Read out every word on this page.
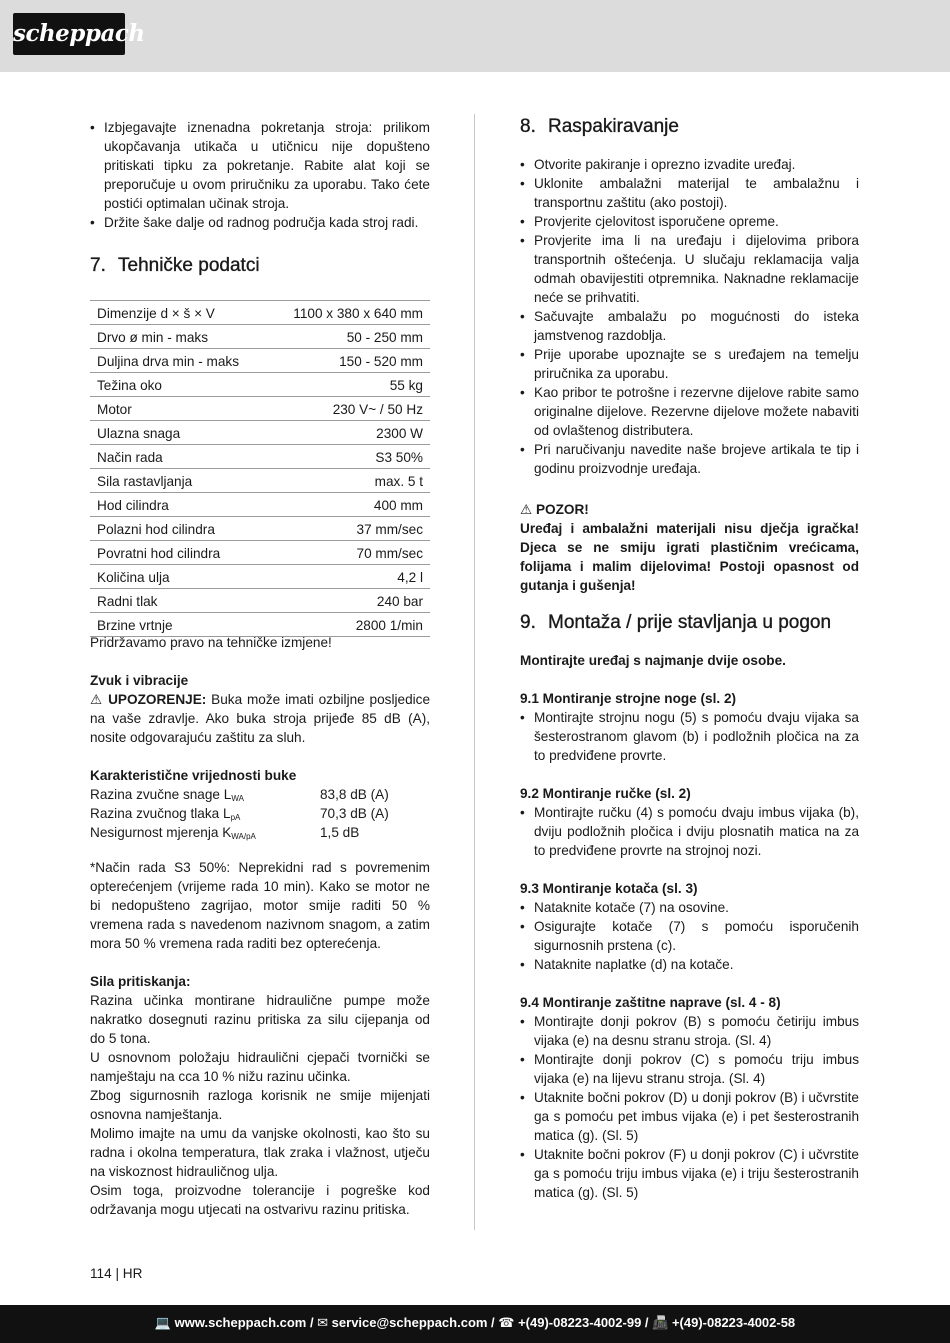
scheppach
• Izbjegavajte iznenadna pokretanja stroja: prilikom ukopčavanja utikača u utičnicu nije dopušteno pritiskati tipku za pokretanje. Rabite alat koji se preporučuje u ovom priručniku za uporabu. Tako ćete postići optimalan učinak stroja.
• Držite šake dalje od radnog područja kada stroj radi.
7. Tehničke podatci
Dimenzije d × š × V	1100 x 380 x 640 mm
Drvo ø min - maks	50 - 250 mm
Duljina drva min - maks	150 - 520 mm
Težina oko	55 kg
Motor	230 V~ / 50 Hz
Ulazna snaga	2300 W
Način rada	S3 50%
Sila rastavljanja	max. 5 t
Hod cilindra	400 mm
Polazni hod cilindra	37 mm/sec
Povratni hod cilindra	70 mm/sec
Količina ulja	4,2 l
Radni tlak	240 bar
Brzine vrtnje	2800 1/min
Pridržavamo pravo na tehničke izmjene!
Zvuk i vibracije

⚠ UPOZORENJE: Buka može imati ozbiljne posljedice na vaše zdravlje. Ako buka stroja prijeđe 85 dB (A), nosite odgovarajuću zaštitu za sluh.

Karakteristične vrijednosti buke
Razina zvučne snage $L_{WA}$	83,8 dB (A)
Razina zvučnog tlaka $L_{pA}$	70,3 dB (A)
Nesigurnost mjerenja $K_{WA/pA}$	1,5 dB

*Način rada S3 50%: Neprekidni rad s povremenim opterećenjem (vrijeme rada 10 min). Kako se motor ne bi nedopušteno zagrijao, motor smije raditi 50 % vremena rada s navedenom nazivnom snagom, a zatim mora 50 % vremena rada raditi bez opterećenja.

Sila pritiskanja:

Razina učinka montirane hidraulične pumpe može nakratko dosegnuti razinu pritiska za silu cijepanja od do 5 tona.

U osnovnom položaju hidraulični cjepači tvornički se namještaju na cca 10 % nižu razinu učinka.

Zbog sigurnosnih razloga korisnik ne smije mijenjati osnovna namještanja.

Molimo imajte na umu da vanjske okolnosti, kao što su radna i okolna temperatura, tlak zraka i vlažnost, utječu na viskoznost hidrauličnog ulja.

Osim toga, proizvodne tolerancije i pogreške kod održavanja mogu utjecati na ostvarivu razinu pritiska.

8. Raspakiravanje
• Otvorite pakiranje i oprezno izvadite uređaj.
• Uklonite ambalažni materijal te ambalažnu i transportnu zaštitu (ako postoji).
• Provjerite cjelovitost isporučene opreme.
• Provjerite ima li na uređaju i dijelovima pribora transportnih oštećenja. U slučaju reklamacija valja odmah obavijestiti otpremnika. Naknadne reklamacije neće se prihvatiti.
• Sačuvajte ambalažu po mogućnosti do isteka jamstvenog razdoblja.
• Prije uporabe upoznajte se s uređajem na temelju priručnika za uporabu.
• Kao pribor te potrošne i rezervne dijelove rabite samo originalne dijelove. Rezervne dijelove možete nabaviti od ovlaštenog distributera.
• Pri naručivanju navedite naše brojeve artikala te tip i godinu proizvodnje uređaja.
⚠ POZOR!

Uređaj i ambalažni materijali nisu dječja igračka! Djeca se ne smiju igrati plastičnim vrećicama, folijama i malim dijelovima! Postoji opasnost od gutanja i gušenja!

9. Montaža / prije stavljanja u pogon
Montirajte uređaj s najmanje dvije osobe.
9.1 Montiranje strojne noge (sl. 2)
• Montirajte strojnu nogu (5) s pomoću dvaju vijaka sa šesterostranom glavom (b) i podložnih pločica na za to predviđene provrte.
9.2 Montiranje ručke (sl. 2)
• Montirajte ručku (4) s pomoću dvaju imbus vijaka (b), dviju podložnih pločica i dviju plosnatih matica na za to predviđene provrte na strojnoj nozi.
9.3 Montiranje kotača (sl. 3)
• Nataknite kotače (7) na osovine.
• Osigurajte kotače (7) s pomoću isporučenih sigurnosnih prstena (c).
• Nataknite naplatke (d) na kotače.
9.4 Montiranje zaštitne naprave (sl. 4 - 8)
• Montirajte donji pokrov (B) s pomoću četiriju imbus vijaka (e) na desnu stranu stroja. (Sl. 4)
• Montirajte donji pokrov (C) s pomoću triju imbus vijaka (e) na lijevu stranu stroja. (Sl. 4)
• Utaknite bočni pokrov (D) u donji pokrov (B) i učvrstite ga s pomoću pet imbus vijaka (e) i pet šesterostranih matica (g). (Sl. 5)
• Utaknite bočni pokrov (F) u donji pokrov (C) i učvrstite ga s pomoću triju imbus vijaka (e) i triju šesterostranih matica (g). (Sl. 5)
114 | HR
💻 www.scheppach.com / ✉ service@scheppach.com / ☎ +(49)-08223-4002-99 / 📠 +(49)-08223-4002-58
